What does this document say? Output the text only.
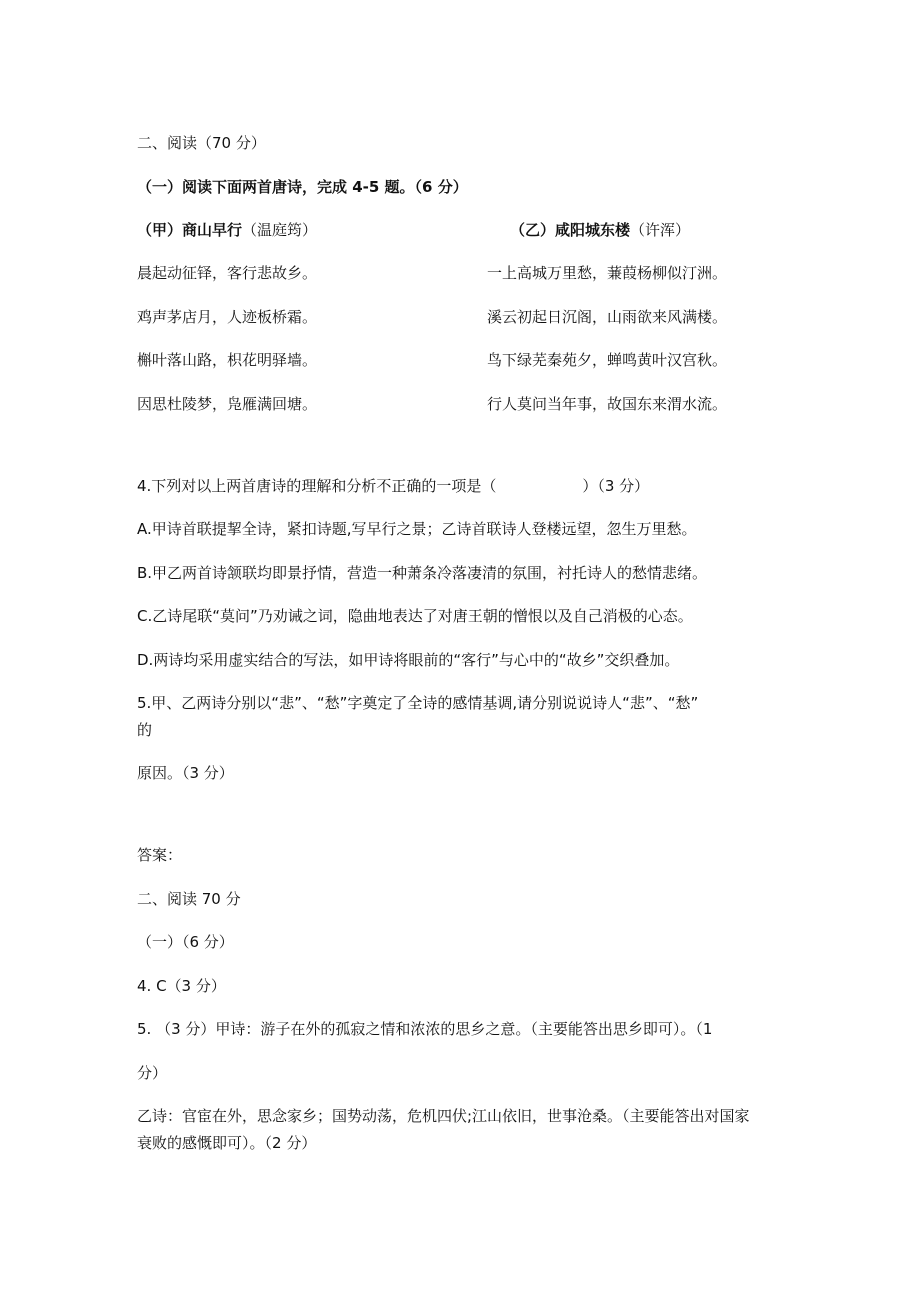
二、阅读（70 分）
（一）阅读下面两首唐诗，完成 4-5 题。（6 分）
（甲）商山早行（温庭筠）	（乙）咸阳城东楼（许浑）
晨起动征铎，客行悲故乡。
鸡声茅店月，人迹板桥霜。
槲叶落山路，枳花明驿墙。
因思杜陵梦，凫雁满回塘。
一上高城万里愁，蒹葭杨柳似汀洲。
溪云初起日沉阁，山雨欲来风满楼。
鸟下绿芜秦苑夕，蝉鸣黄叶汉宫秋。
行人莫问当年事，故国东来渭水流。
4.下列对以上两首唐诗的理解和分析不正确的一项是（	）（3 分）
A.甲诗首联提挈全诗，紧扣诗题,写早行之景；乙诗首联诗人登楼远望，忽生万里愁。
B.甲乙两首诗颔联均即景抒情，营造一种萧条冷落凄清的氛围，衬托诗人的愁情悲绪。
C.乙诗尾联“莫问”乃劝诫之词，隐曲地表达了对唐王朝的憎恨以及自己消极的心态。
D.两诗均采用虚实结合的写法，如甲诗将眼前的“客行”与心中的“故乡”交织叠加。
5.甲、乙两诗分别以“悲”、“愁”字奠定了全诗的感情基调,请分别说说诗人“悲”、“愁”
的
原因。（3 分）
答案：
二、阅读 70 分
（一）（6 分）
4. C（3 分）
5. （3 分）甲诗：游子在外的孤寂之情和浓浓的思乡之意。（主要能答出思乡即可）。（1
分）
乙诗：官宦在外，思念家乡；国势动荡，危机四伏;江山依旧，世事沧桑。（主要能答出对国家
衰败的感慨即可）。（2 分）
